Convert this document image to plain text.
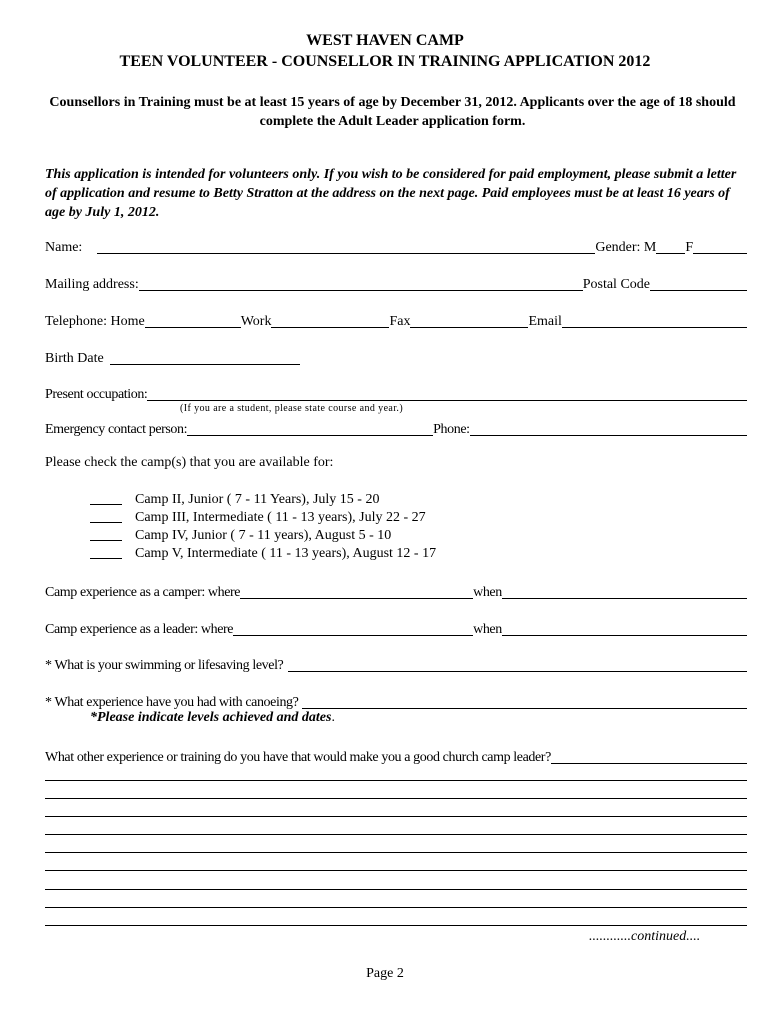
WEST HAVEN CAMP
TEEN VOLUNTEER - COUNSELLOR IN TRAINING APPLICATION 2012
Counsellors in Training must be at least 15 years of age by December 31, 2012. Applicants over the age of 18 should complete the Adult Leader application form.
This application is intended for volunteers only. If you wish to be considered for paid employment, please submit a letter of application and resume to Betty Stratton at the address on the next page. Paid employees must be at least 16 years of age by July 1, 2012.
Name:	Gender: M F
Mailing address:	Postal Code
Telephone: Home	Work	Fax	Email
Birth Date
Present occupation:
(If you are a student, please state course and year.)
Emergency contact person:	Phone:
Please check the camp(s) that you are available for:
Camp II, Junior ( 7 - 11 Years), July 15 - 20
Camp III, Intermediate ( 11 - 13 years), July 22 - 27
Camp IV, Junior ( 7 - 11 years), August 5 - 10
Camp V, Intermediate ( 11 - 13 years), August 12 - 17
Camp experience as a camper: where	when
Camp experience as a leader: where	when
* What is your swimming or lifesaving level?
* What experience have you had with canoeing?
*Please indicate levels achieved and dates.
What other experience or training do you have that would make you a good church camp leader?
............continued....
Page 2
